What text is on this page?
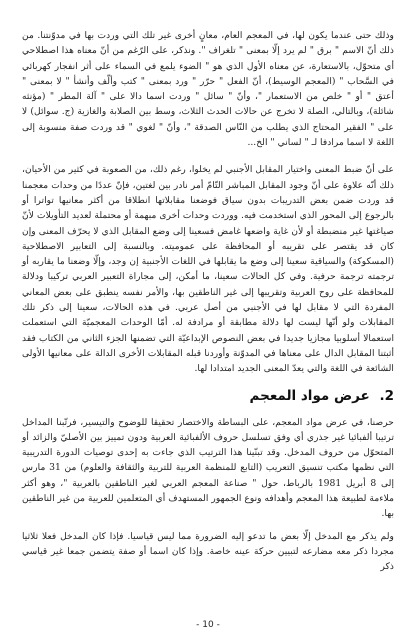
وذلك حتى عندما يكون لها، في المعجم العام، معانٍ أخرى غير تلك التي وردت بها في مدوّنتنا. من ذلك أنّ الاسم " برق " لم يرد إلّا بمعنى " تلغراف ". ونذكر، على الرّغم من أنّ معناه هذا اصطلاحي أي متحوّل، بالاستعارة، عن معناه الأول الذي هو " الضوء يلمع في السماء على أثر انفجار كهربائي في السَّحاب " (المعجم الوسيط)، أنّ الفعل " حرّر " ورد بمعنى " كتب وألّف وأنشأ " لا بمعنى " أعتق " أو " خلص من الاستعمار "، وأنّ " سائل " وردت اسما دالا على " آلة المطر " (مؤنثه شائلة)، وبالتالي، الصلة لا تخرج عن حالات الحدث الثلاث، وسط بين الصلابة والغازية (ج. سوائل) لا على " الفقير المحتاج الذي يطلب من النّاس الصدقة "، وأنّ " لغوي " قد وردت صفة منسوبة إلى اللغة لا اسما مرادفا لـ " لساني " الخ...

على أنّ ضبط المعنى واختيار المقابل الأجنبي لم يخلوا، رغم ذلك، من الصعوبة في كثير من الأحيان، ذلك أنّه علاوة على أنّ وجود المقابل المباشر التّامّ أمر نادر بين لغتين، فإنّ عددًا من وحدات معجمنا قد وردت ضمن بعض التدريبات بدون سياق فوضعنا مقابلاتها انطلاقا من أكثر معانيها تواترا أو بالرجوع إلى المحور الذي استخدمت فيه. ووردت وحدات أخرى مبهمة أو محتملة لعديد التأويلات لأنّ صياغتها غير منضبطة أو لأن غاية واضعها غامض فسعينا إلى وضع المقابل الذي لا يحرّف المعنى وإن كان قد يقتصر على تقريبه أو المحافظة على عموميته. وبالنسبة إلى التعابير الاصطلاحية (المسكوكة) والسياقية سعينا إلى وضع ما يقابلها في اللغات الأجنبية إن وجد، وإلّا وضعنا ما يقاربه أو ترجمته ترجمة حرفية. وفي كل الحالات سعينا، ما أمكن، إلى مجاراة التعبير العربي تركيبا ودلالة للمحافظة على روح العربية وتقريبها إلى غير الناطقين بها، والأمر نفسه ينطبق على بعض المعاني المفردة التي لا مقابل لها في الأجنبي من أصل عربي. في هذه الحالات، سعينا إلى ذكر تلك المقابلات ولو أنّها ليست لها دلالة مطابقة أو مرادفة له. أمّا الوحدات المعجميّة التي استعملت استعمالا أسلوبيا مجازيا جديدا في بعض النصوص الإبداعيّة التي تضمنها الجزء الثاني من الكتاب فقد أثبتنا المقابل الدال على معناها في المدوّنة وأوردنا قبله المقابلات الأخرى الدالة على معانيها الأولى الشائعة في اللغة والتي يعدّ المعنى الجديد امتدادا لها.

2. عرض مواد المعجم

حرصنا، في عرض مواد المعجم، على البساطة والاختصار تحقيقا للوضوح والتيسير، فرتّبنا المداخل ترتيبا ألفبائيا غير جذري أي وفق تسلسل حروف الألفبائية العربية ودون تمييز بين الأصليّ والزائد أو المتحوّل من حروف المدخل. وقد تبنّينا هذا الترتيب الذي جاءت به إحدى توصيات الدورة التدريبية التي نظمها مكتب تنسيق التعريب (التابع للمنظمة العربية للتربية والثقافة والعلوم) من 31 مارس إلى 8 أبريل 1981 بالرباط، حول " صناعة المعجم العربي لغير الناطقين بالعربية "، وهو أكثر ملاءمة لطبيعة هذا المعجم وأهدافه ونوع الجمهور المستهدف أي المتعلمين للعربية من غير الناطقين بها.

ولم يذكر مع المدخل إلّا بعض ما تدعو إليه الضرورة مما ليس قياسيا. فإذا كان المدخل فعلا ثلاثيا مجردا ذكر معه مضارعه لتبيين حركة عينه خاصة. وإذا كان اسما أو صفة يتضمن جمعا غير قياسي ذكر

- 10 -
